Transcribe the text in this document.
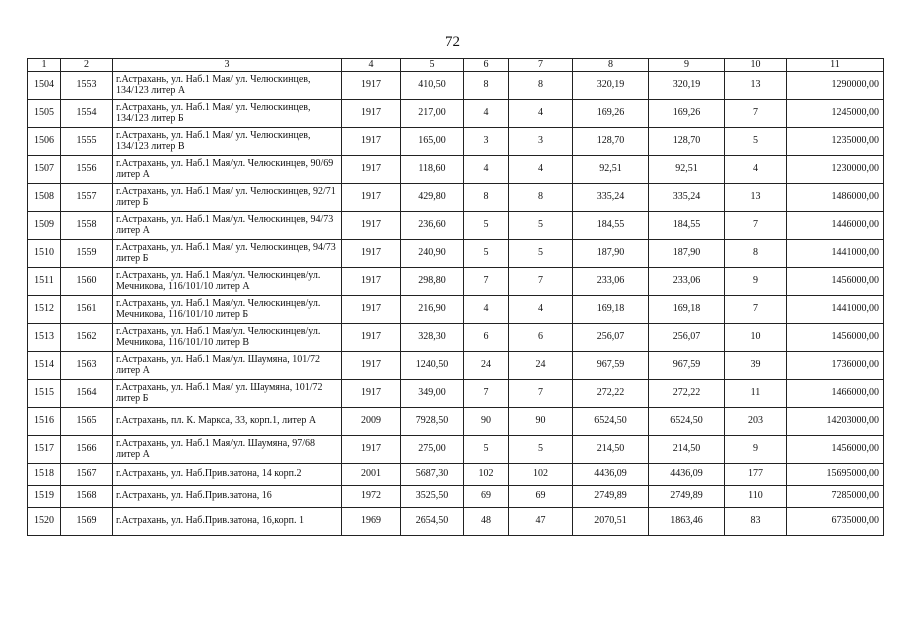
72
1	2	3	4	5	6	7	8	9	10	11
1504	1553	г.Астрахань, ул. Наб.1 Мая/ ул. Челюскинцев, 134/123 литер А	1917	410,50	8	8	320,19	320,19	13	1290000,00
1505	1554	г.Астрахань, ул. Наб.1 Мая/ ул. Челюскинцев, 134/123 литер Б	1917	217,00	4	4	169,26	169,26	7	1245000,00
1506	1555	г.Астрахань, ул. Наб.1 Мая/ ул. Челюскинцев, 134/123 литер В	1917	165,00	3	3	128,70	128,70	5	1235000,00
1507	1556	г.Астрахань, ул. Наб.1 Мая/ул. Челюскинцев, 90/69 литер А	1917	118,60	4	4	92,51	92,51	4	1230000,00
1508	1557	г.Астрахань, ул. Наб.1 Мая/ ул. Челюскинцев, 92/71 литер Б	1917	429,80	8	8	335,24	335,24	13	1486000,00
1509	1558	г.Астрахань, ул. Наб.1 Мая/ул. Челюскинцев, 94/73 литер А	1917	236,60	5	5	184,55	184,55	7	1446000,00
1510	1559	г.Астрахань, ул. Наб.1 Мая/ ул. Челюскинцев, 94/73 литер Б	1917	240,90	5	5	187,90	187,90	8	1441000,00
1511	1560	г.Астрахань, ул. Наб.1 Мая/ул. Челюскинцев/ул. Мечникова, 116/101/10 литер А	1917	298,80	7	7	233,06	233,06	9	1456000,00
1512	1561	г.Астрахань, ул. Наб.1 Мая/ул. Челюскинцев/ул. Мечникова, 116/101/10 литер Б	1917	216,90	4	4	169,18	169,18	7	1441000,00
1513	1562	г.Астрахань, ул. Наб.1 Мая/ул. Челюскинцев/ул. Мечникова, 116/101/10 литер В	1917	328,30	6	6	256,07	256,07	10	1456000,00
1514	1563	г.Астрахань, ул. Наб.1 Мая/ул. Шаумяна, 101/72 литер А	1917	1240,50	24	24	967,59	967,59	39	1736000,00
1515	1564	г.Астрахань, ул. Наб.1 Мая/ ул. Шаумяна, 101/72 литер Б	1917	349,00	7	7	272,22	272,22	11	1466000,00
1516	1565	г.Астрахань, пл. К. Маркса, 33, корп.1, литер А	2009	7928,50	90	90	6524,50	6524,50	203	14203000,00
1517	1566	г.Астрахань, ул. Наб.1 Мая/ул. Шаумяна, 97/68 литер А	1917	275,00	5	5	214,50	214,50	9	1456000,00
1518	1567	г.Астрахань, ул. Наб.Прив.затона, 14 корп.2	2001	5687,30	102	102	4436,09	4436,09	177	15695000,00
1519	1568	г.Астрахань, ул. Наб.Прив.затона, 16	1972	3525,50	69	69	2749,89	2749,89	110	7285000,00
1520	1569	г.Астрахань, ул. Наб.Прив.затона, 16,корп. 1	1969	2654,50	48	47	2070,51	1863,46	83	6735000,00
